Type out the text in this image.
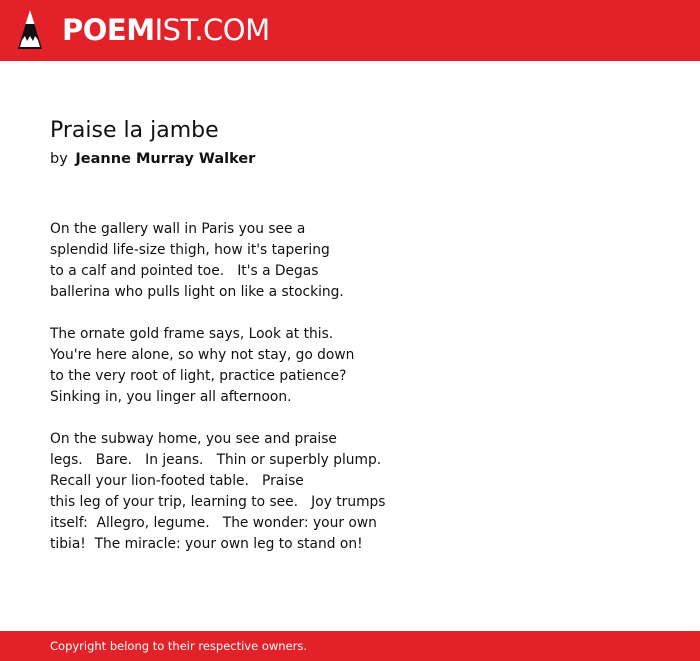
POEMIST.COM
Praise la jambe
by Jeanne Murray Walker
On the gallery wall in Paris you see a
splendid life-size thigh, how it's tapering
to a calf and pointed toe.   It's a Degas
ballerina who pulls light on like a stocking.
The ornate gold frame says, Look at this.
You're here alone, so why not stay, go down
to the very root of light, practice patience?
Sinking in, you linger all afternoon.
On the subway home, you see and praise
legs.   Bare.   In jeans.   Thin or superbly plump.
Recall your lion-footed table.   Praise
this leg of your trip, learning to see.   Joy trumps
itself:  Allegro, legume.   The wonder: your own
tibia!  The miracle: your own leg to stand on!
Copyright belong to their respective owners.
